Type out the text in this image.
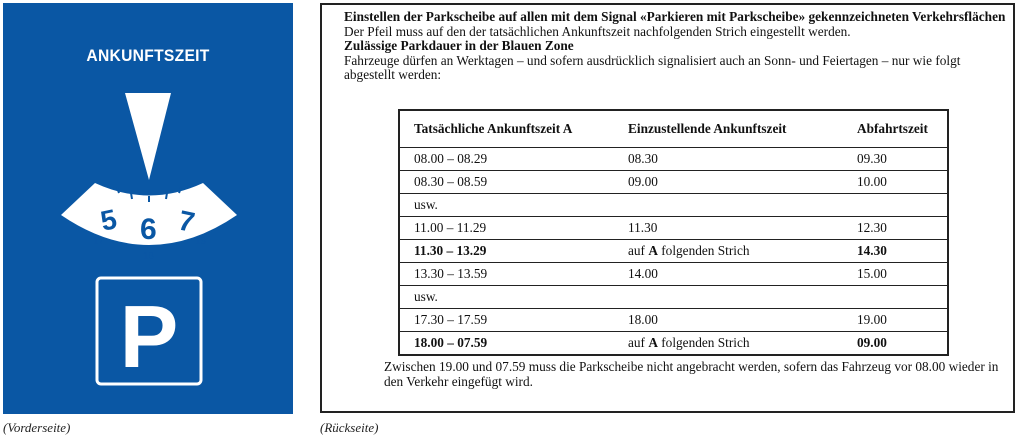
ANKUNFTSZEIT
5 6 7
17
18
19
P
(Vorderseite)
Einstellen der Parkscheibe auf allen mit dem Signal «Parkieren mit Parkscheibe» gekennzeichneten Verkehrsflächen
Der Pfeil muss auf den der tatsächlichen Ankunftszeit nachfolgenden Strich eingestellt werden.
Zulässige Parkdauer in der Blauen Zone
Fahrzeuge dürfen an Werktagen – und sofern ausdrücklich signalisiert auch an Sonn- und Feiertagen – nur wie folgt abgestellt werden:
Tatsächliche Ankunftszeit A	Einzustellende Ankunftszeit	Abfahrtszeit
08.00 – 08.29	08.30	09.30
08.30 – 08.59	09.00	10.00
usw.		
11.00 – 11.29	11.30	12.30
11.30 – 13.29	auf A folgenden Strich	14.30
13.30 – 13.59	14.00	15.00
usw.		
17.30 – 17.59	18.00	19.00
18.00 – 07.59	auf A folgenden Strich	09.00
Zwischen 19.00 und 07.59 muss die Parkscheibe nicht angebracht werden, sofern das Fahrzeug vor 08.00 wieder in den Verkehr eingefügt wird.
(Rückseite)
